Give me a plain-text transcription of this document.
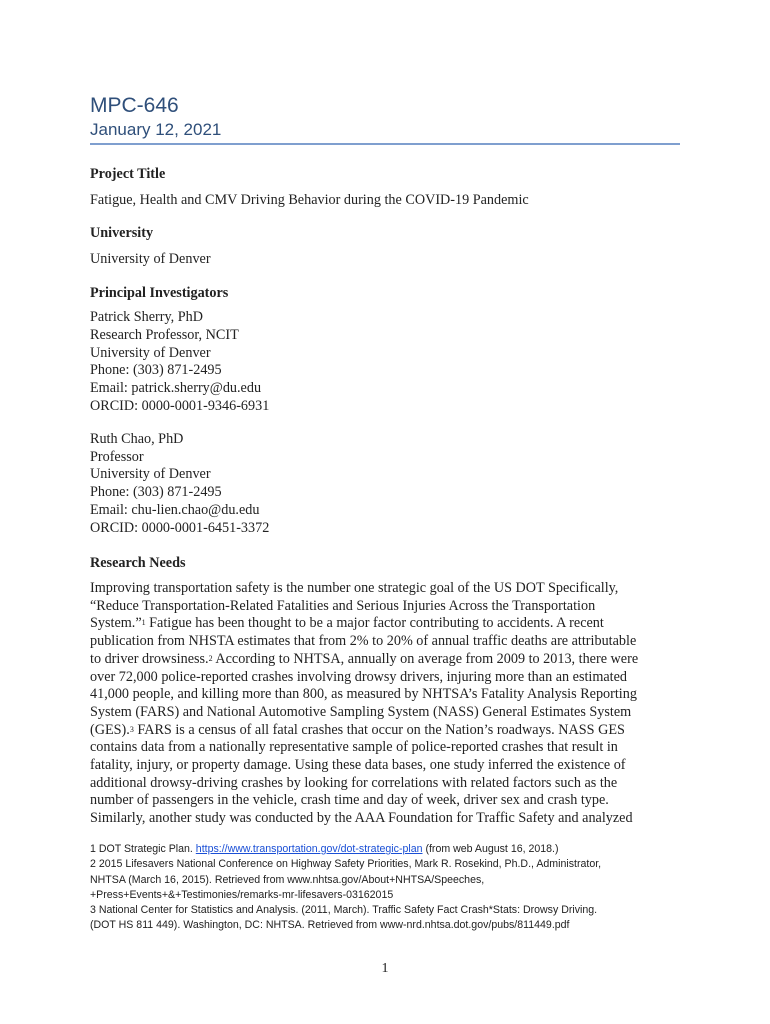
MPC-646
January 12, 2021
Project Title
Fatigue, Health and CMV Driving Behavior during the COVID-19 Pandemic
University
University of Denver
Principal Investigators
Patrick Sherry, PhD
Research Professor, NCIT
University of Denver
Phone: (303) 871-2495
Email: patrick.sherry@du.edu
ORCID: 0000-0001-9346-6931
Ruth Chao, PhD
Professor
University of Denver
Phone: (303) 871-2495
Email: chu-lien.chao@du.edu
ORCID: 0000-0001-6451-3372
Research Needs
Improving transportation safety is the number one strategic goal of the US DOT Specifically,
“Reduce Transportation-Related Fatalities and Serious Injuries Across the Transportation
System.”$^1$ Fatigue has been thought to be a major factor contributing to accidents. A recent
publication from NHSTA estimates that from 2% to 20% of annual traffic deaths are attributable
to driver drowsiness.$^2$ According to NHTSA, annually on average from 2009 to 2013, there were
over 72,000 police-reported crashes involving drowsy drivers, injuring more than an estimated
41,000 people, and killing more than 800, as measured by NHTSA’s Fatality Analysis Reporting
System (FARS) and National Automotive Sampling System (NASS) General Estimates System
(GES).$^3$ FARS is a census of all fatal crashes that occur on the Nation’s roadways. NASS GES
contains data from a nationally representative sample of police-reported crashes that result in
fatality, injury, or property damage. Using these data bases, one study inferred the existence of
additional drowsy-driving crashes by looking for correlations with related factors such as the
number of passengers in the vehicle, crash time and day of week, driver sex and crash type.
Similarly, another study was conducted by the AAA Foundation for Traffic Safety and analyzed
1 DOT Strategic Plan. https://www.transportation.gov/dot-strategic-plan (from web August 16, 2018.)
2 2015 Lifesavers National Conference on Highway Safety Priorities, Mark R. Rosekind, Ph.D., Administrator,
NHTSA (March 16, 2015). Retrieved from www.nhtsa.gov/About+NHTSA/Speeches,
+Press+Events+&+Testimonies/remarks-mr-lifesavers-03162015
3 National Center for Statistics and Analysis. (2011, March). Traffic Safety Fact Crash*Stats: Drowsy Driving.
(DOT HS 811 449). Washington, DC: NHTSA. Retrieved from www-nrd.nhtsa.dot.gov/pubs/811449.pdf
1
